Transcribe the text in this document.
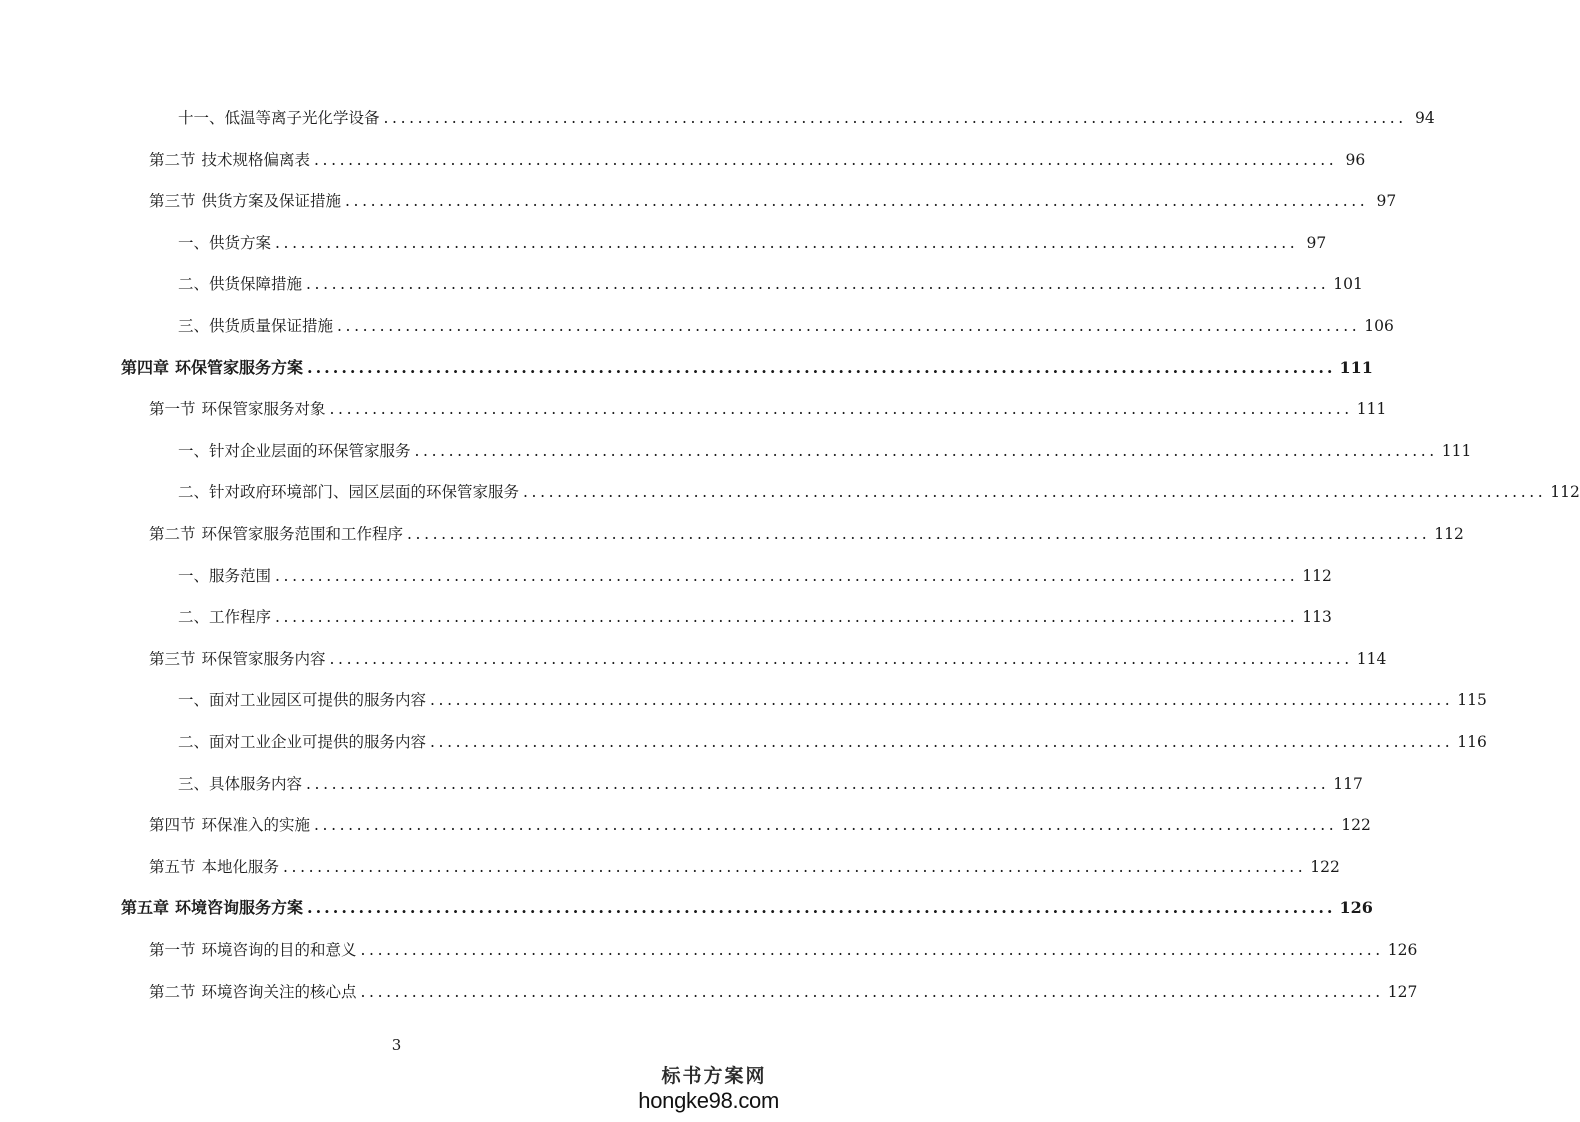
十一、 低温等离子光化学设备 ........................................................................................................................ 94
第二节 技术规格偏离表 ........................................................................................................................ 96
第三节 供货方案及保证措施 ........................................................................................................................ 97
一、 供货方案 ........................................................................................................................ 97
二、 供货保障措施 ........................................................................................................................ 101
三、 供货质量保证措施 ........................................................................................................................ 106
第四章 环保管家服务方案 ........................................................................................................................ 111
第一节 环保管家服务对象 ........................................................................................................................ 111
一、 针对企业层面的环保管家服务 ........................................................................................................................ 111
二、 针对政府环境部门、园区层面的环保管家服务 ........................................................................................................................ 112
第二节 环保管家服务范围和工作程序 ........................................................................................................................ 112
一、 服务范围 ........................................................................................................................ 112
二、 工作程序 ........................................................................................................................ 113
第三节 环保管家服务内容 ........................................................................................................................ 114
一、 面对工业园区可提供的服务内容 ........................................................................................................................ 115
二、 面对工业企业可提供的服务内容 ........................................................................................................................ 116
三、 具体服务内容 ........................................................................................................................ 117
第四节 环保准入的实施 ........................................................................................................................ 122
第五节 本地化服务 ........................................................................................................................ 122
第五章 环境咨询服务方案 ........................................................................................................................ 126
第一节 环境咨询的目的和意义 ........................................................................................................................ 126
第二节 环境咨询关注的核心点 ........................................................................................................................ 127
3
标书方案网
hongke98.com
